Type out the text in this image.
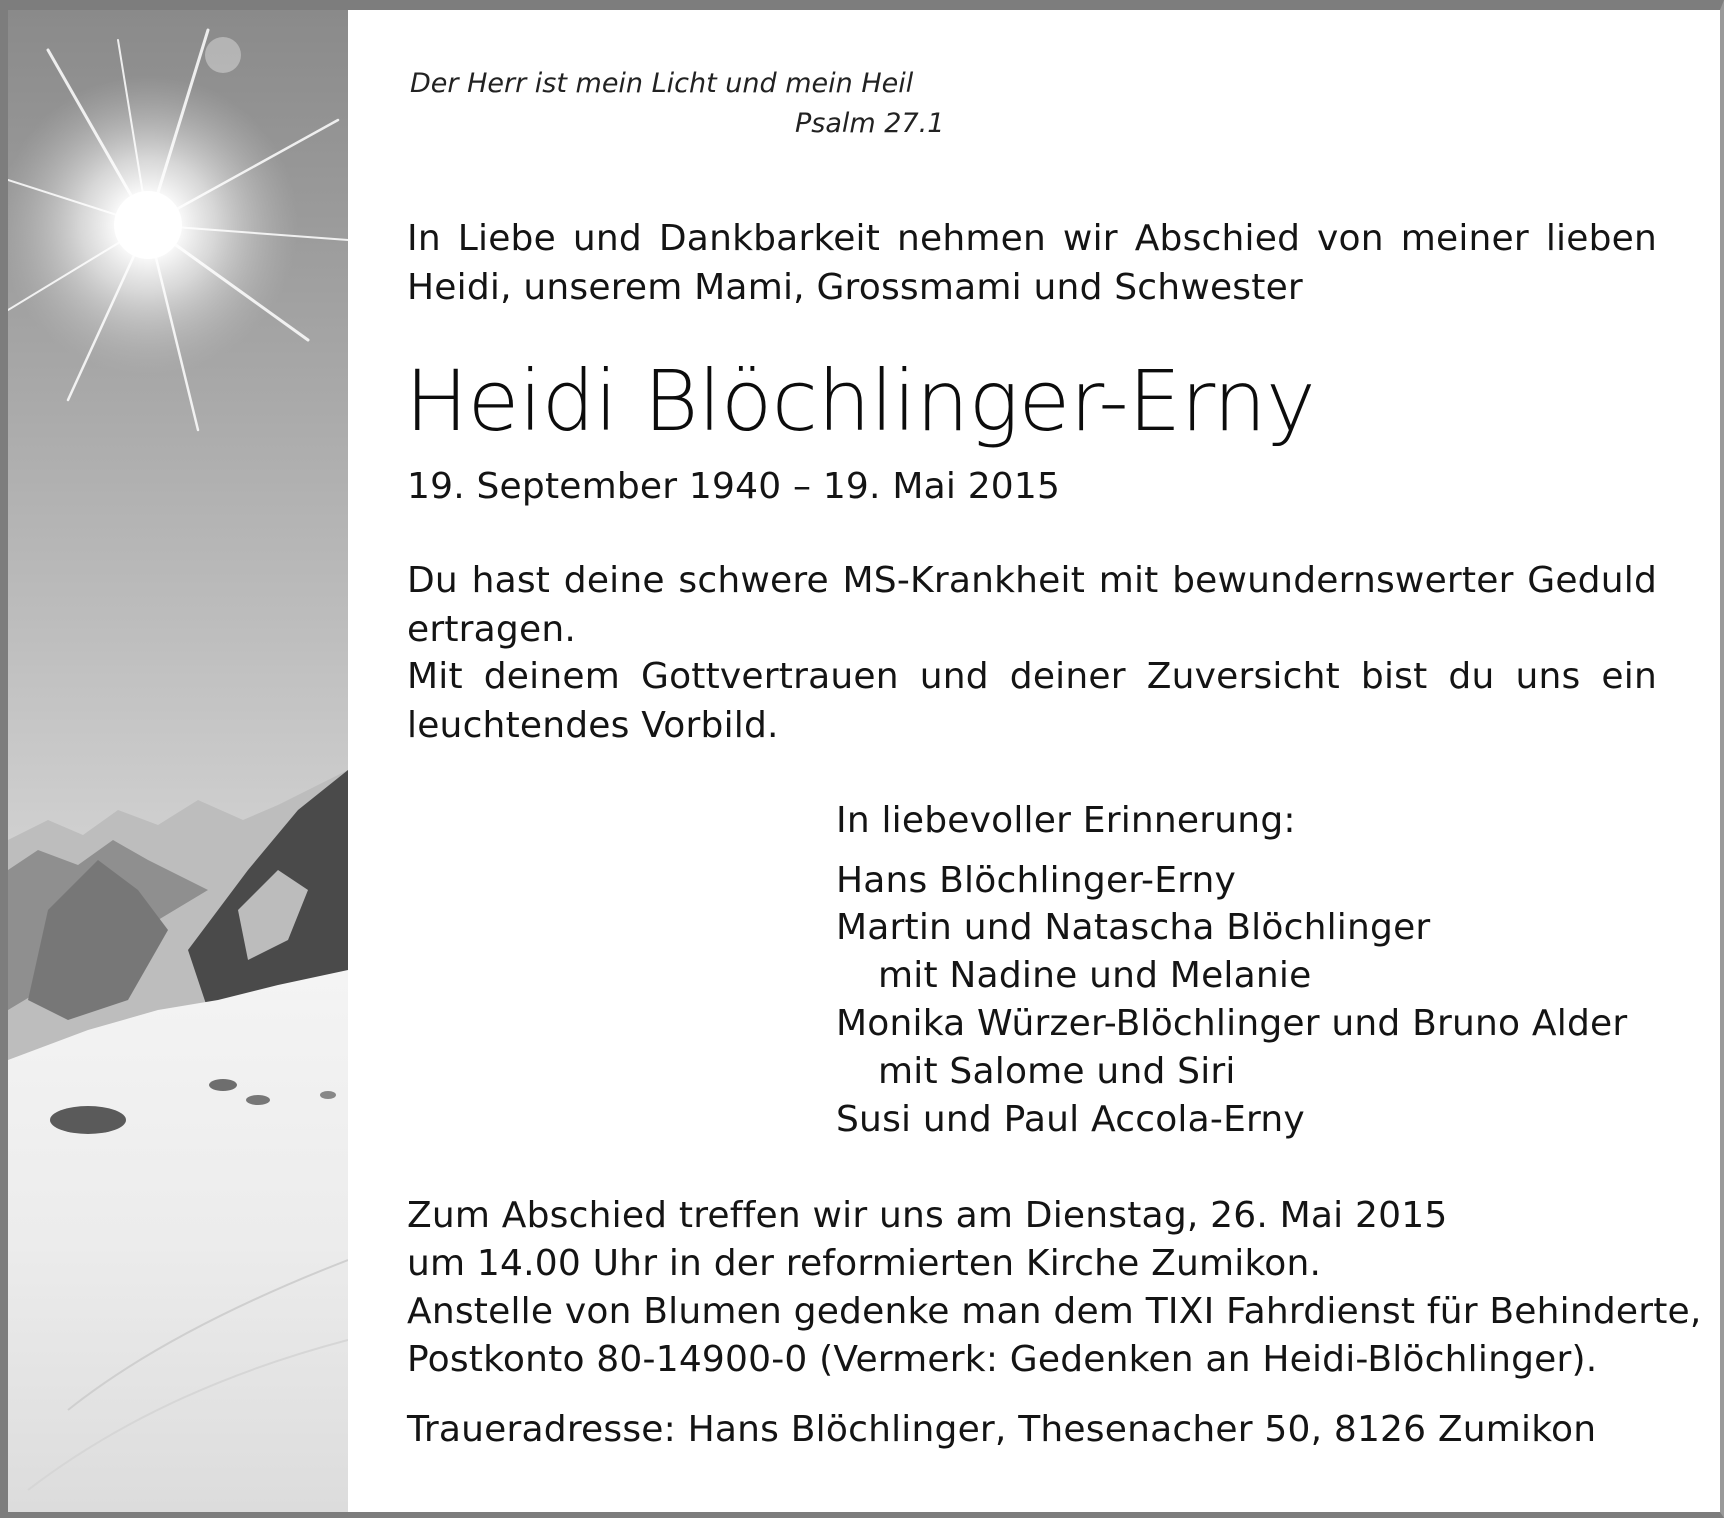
Der Herr ist mein Licht und mein Heil
Psalm 27.1
In Liebe und Dankbarkeit nehmen wir Abschied von meiner lieben
Heidi, unserem Mami, Grossmami und Schwester
Heidi Blöchlinger-Erny
19. September 1940 – 19. Mai 2015
Du hast deine schwere MS-Krankheit mit bewundernswerter Geduld
ertragen.
Mit deinem Gottvertrauen und deiner Zuversicht bist du uns ein
leuchtendes Vorbild.
In liebevoller Erinnerung:
Hans Blöchlinger-Erny
Martin und Natascha Blöchlinger
mit Nadine und Melanie
Monika Würzer-Blöchlinger und Bruno Alder
mit Salome und Siri
Susi und Paul Accola-Erny
Zum Abschied treffen wir uns am Dienstag, 26. Mai 2015
um 14.00 Uhr in der reformierten Kirche Zumikon.
Anstelle von Blumen gedenke man dem TIXI Fahrdienst für Behinderte,
Postkonto 80-14900-0 (Vermerk: Gedenken an Heidi-Blöchlinger).
Traueradresse: Hans Blöchlinger, Thesenacher 50, 8126 Zumikon
